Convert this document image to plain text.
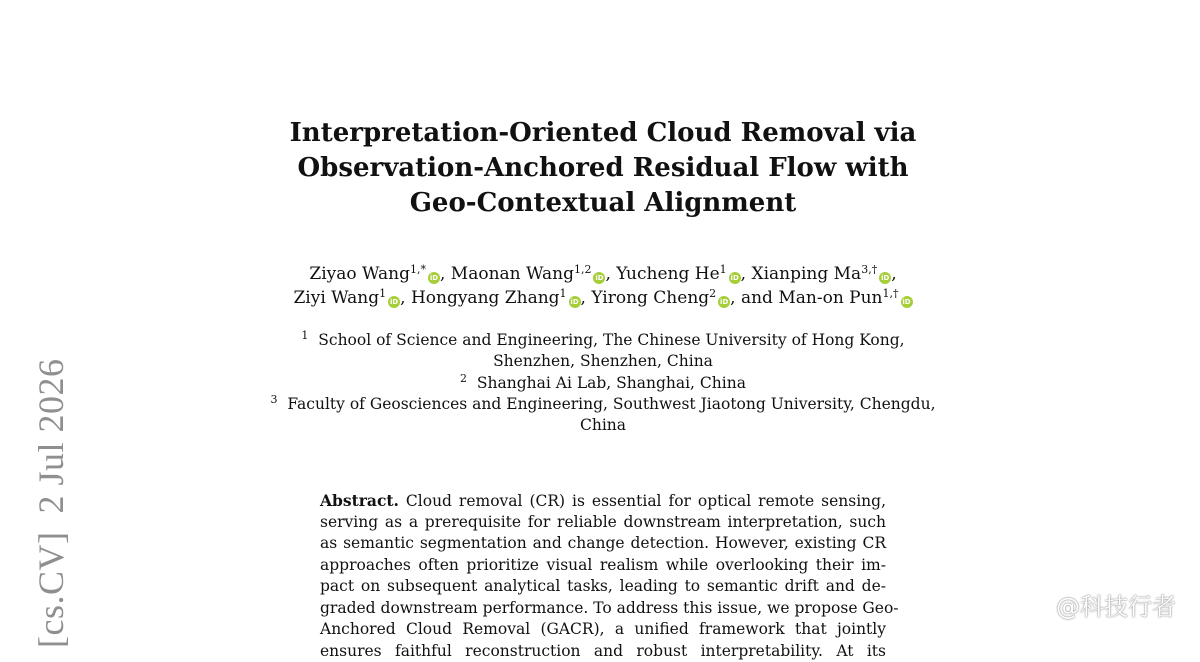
[cs.CV]2 Jul 2026
Interpretation-Oriented Cloud Removal via
Observation-Anchored Residual Flow with
Geo-Contextual Alignment
Ziyao Wang$^{1,*}$iD , Maonan Wang$^{1,2}$iD , Yucheng He$^1$iD , Xianping $Ma^{3,\dagger}iD$ ,
Ziyi Wang$^1$iD , Hongyang Zhang$^1$iD , Yirong Cheng$^2$iD , and Man-on Pun$^{1,\dagger}$iD
$^1$ School of Science and Engineering, The Chinese University of Hong Kong,
Shenzhen, Shenzhen, China
$^2$ Shanghai Ai Lab, Shanghai, China
$^3$ Faculty of Geosciences and Engineering, Southwest Jiaotong University, Chengdu,
China
Abstract. Cloud removal (CR) is essential for optical remote sensing,
serving as a prerequisite for reliable downstream interpretation, such
as semantic segmentation and change detection. However, existing CR
approaches often prioritize visual realism while overlooking their im-
pact on subsequent analytical tasks, leading to semantic drift and de-
graded downstream performance. To address this issue, we propose Geo-
Anchored Cloud Removal (GACR), a unified framework that jointly
ensures faithful reconstruction and robust interpretability. At its
@科技行者
